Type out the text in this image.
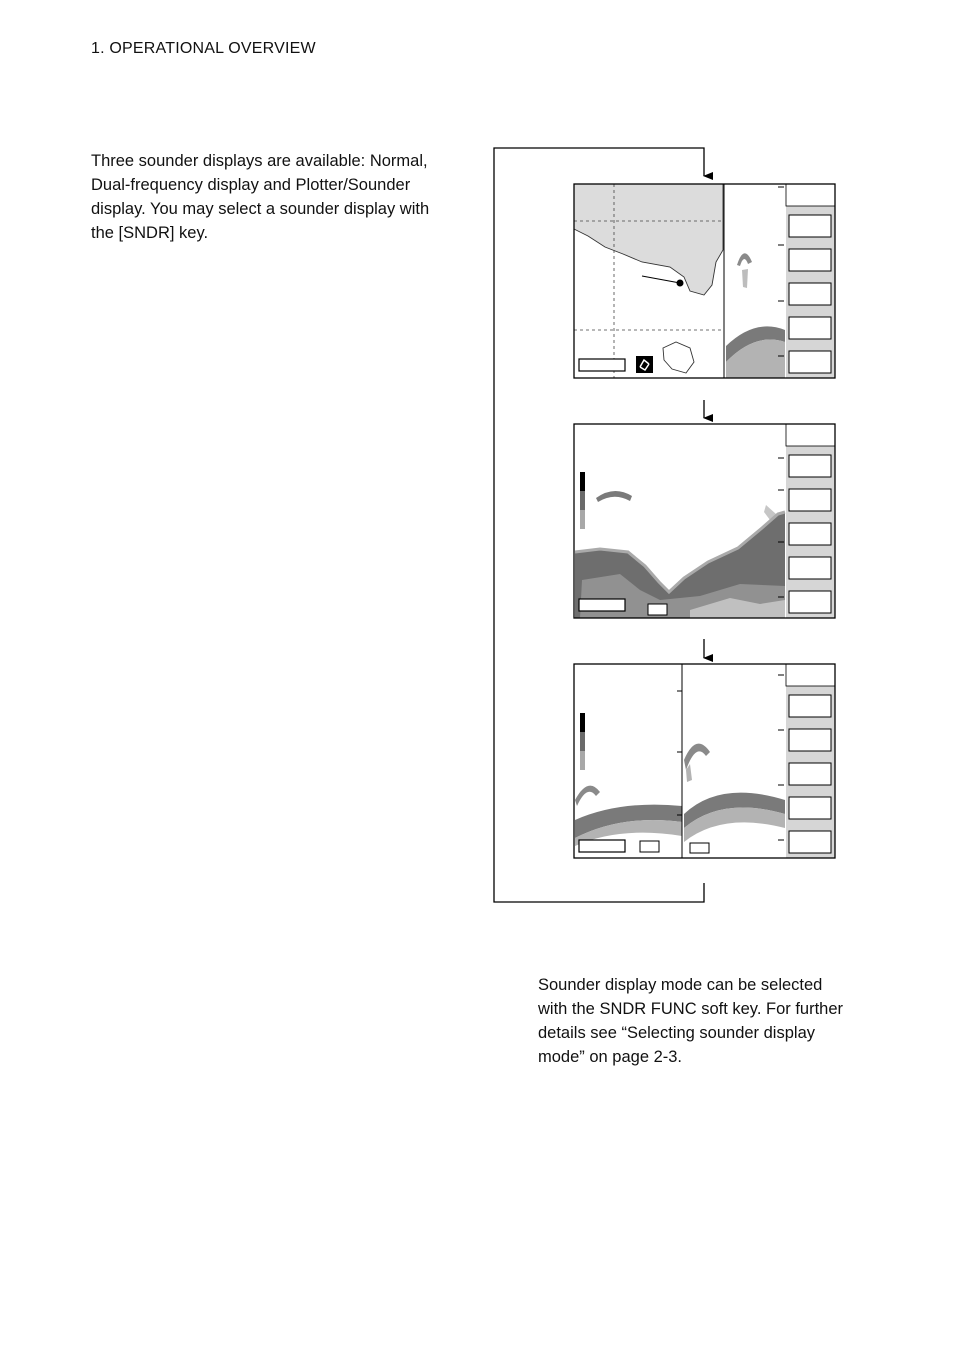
1. OPERATIONAL OVERVIEW

Three sounder displays are available: Normal, Dual-frequency display and Plotter/Sounder display. You may select a sounder display with the [SNDR] key.

Sounder display mode can be selected with the SNDR FUNC soft key. For further details see “Selecting sounder display mode” on page 2-3.
